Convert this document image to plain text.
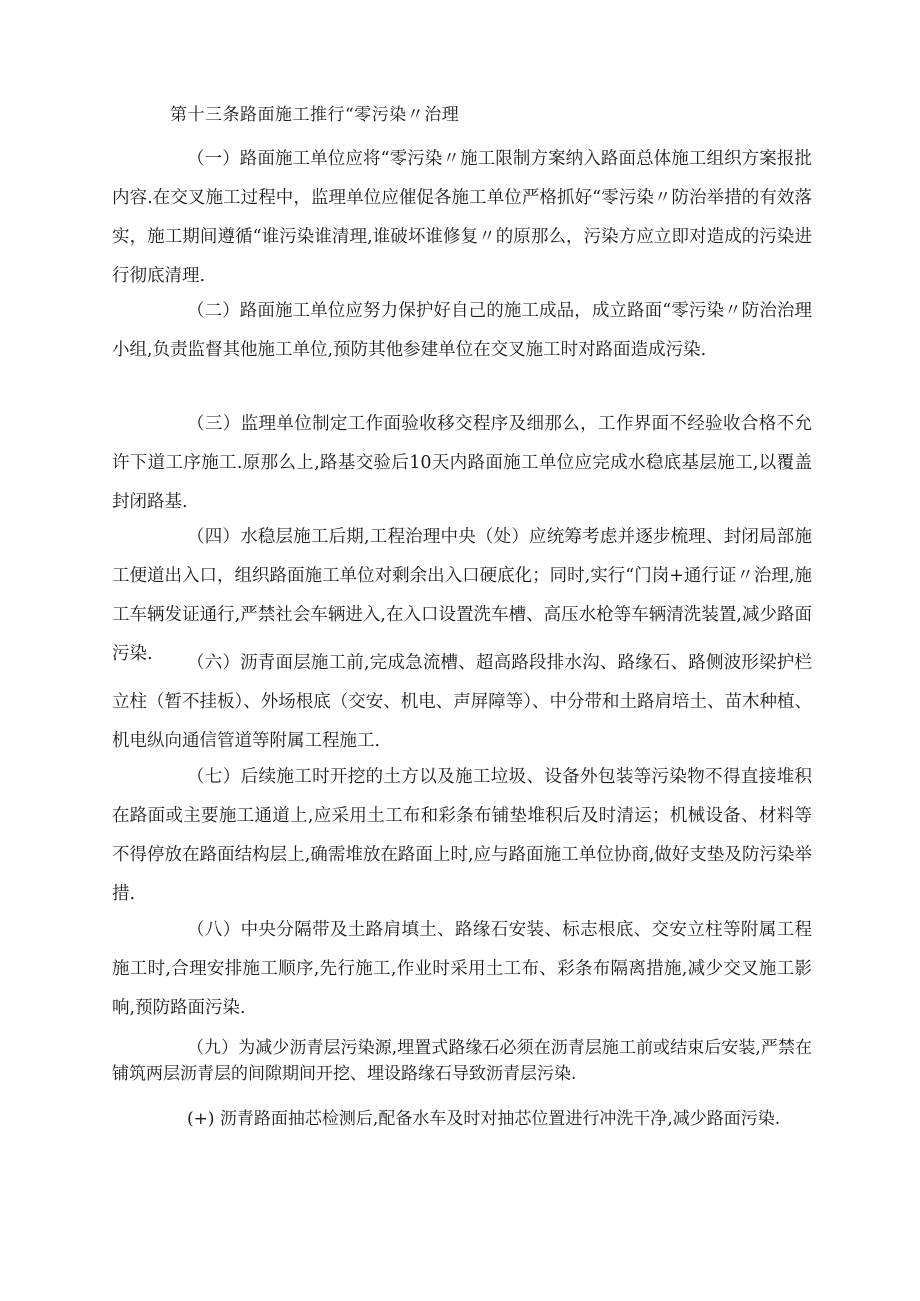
第十三条路面施工推行“零污染〃治理

（一）路面施工单位应将“零污染〃施工限制方案纳入路面总体施工组织方案报批内容.在交叉施工过程中，监理单位应催促各施工单位严格抓好“零污染〃防治举措的有效落实，施工期间遵循“谁污染谁清理,谁破坏谁修复〃的原那么，污染方应立即对造成的污染进行彻底清理.

（二）路面施工单位应努力保护好自己的施工成品，成立路面“零污染〃防治治理小组,负责监督其他施工单位,预防其他参建单位在交叉施工时对路面造成污染.

（三）监理单位制定工作面验收移交程序及细那么，工作界面不经验收合格不允许下道工序施工.原那么上,路基交验后10天内路面施工单位应完成水稳底基层施工,以覆盖封闭路基.

（四）水稳层施工后期,工程治理中央（处）应统筹考虑并逐步梳理、封闭局部施工便道出入口，组织路面施工单位对剩余出入口硬底化；同时,实行“门岗+通行证〃治理,施工车辆发证通行,严禁社会车辆进入,在入口设置洗车槽、高压水枪等车辆清洗装置,减少路面污染.	（六）沥青面层施工前,完成急流槽、超高路段排水沟、路缘石、路侧波形梁护栏立柱（暂不挂板）、外场根底（交安、机电、声屏障等）、中分带和土路肩培土、苗木种植、机电纵向通信管道等附属工程施工.

（七）后续施工时开挖的土方以及施工垃圾、设备外包装等污染物不得直接堆积在路面或主要施工通道上,应采用土工布和彩条布铺垫堆积后及时清运；机械设备、材料等不得停放在路面结构层上,确需堆放在路面上时,应与路面施工单位协商,做好支垫及防污染举措.

（八）中央分隔带及土路肩填土、路缘石安装、标志根底、交安立柱等附属工程施工时,合理安排施工顺序,先行施工,作业时采用土工布、彩条布隔离措施,减少交叉施工影响,预防路面污染.

（九）为减少沥青层污染源,埋置式路缘石必须在沥青层施工前或结束后安装,严禁在铺筑两层沥青层的间隙期间开挖、埋设路缘石导致沥青层污染.

(+) 沥青路面抽芯检测后,配备水车及时对抽芯位置进行冲洗干净,减少路面污染.
